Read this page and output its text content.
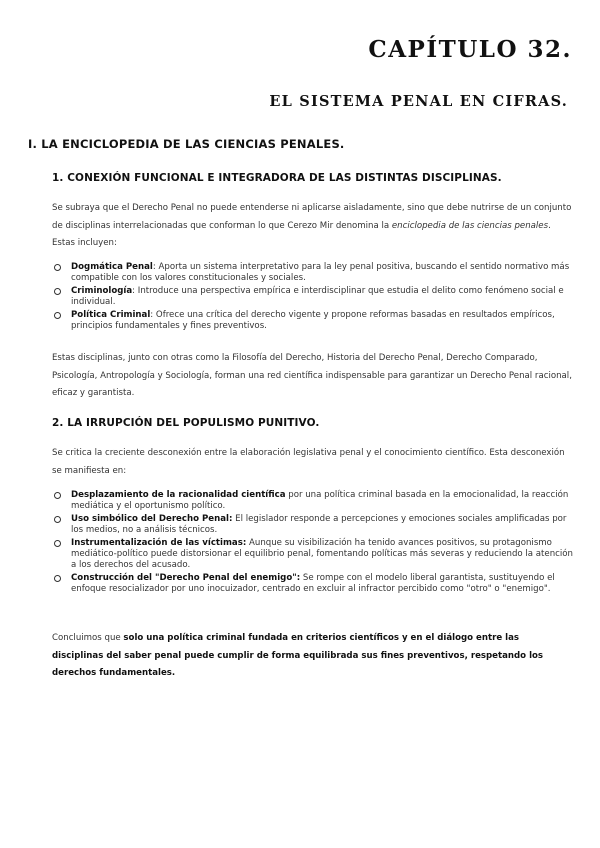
CAPÍTULO 32.
EL SISTEMA PENAL EN CIFRAS.
I. LA ENCICLOPEDIA DE LAS CIENCIAS PENALES.
1. CONEXIÓN FUNCIONAL E INTEGRADORA DE LAS DISTINTAS DISCIPLINAS.

Se subraya que el Derecho Penal no puede entenderse ni aplicarse aisladamente, sino que debe nutrirse de un conjunto de disciplinas interrelacionadas que conforman lo que Cerezo Mir denomina la enciclopedia de las ciencias penales. Estas incluyen:

Dogmática Penal: Aporta un sistema interpretativo para la ley penal positiva, buscando el sentido normativo más compatible con los valores constitucionales y sociales.
Criminología: Introduce una perspectiva empírica e interdisciplinar que estudia el delito como fenómeno social e individual.
Política Criminal: Ofrece una crítica del derecho vigente y propone reformas basadas en resultados empíricos, principios fundamentales y fines preventivos.

Estas disciplinas, junto con otras como la Filosofía del Derecho, Historia del Derecho Penal, Derecho Comparado, Psicología, Antropología y Sociología, forman una red científica indispensable para garantizar un Derecho Penal racional, eficaz y garantista.

2. LA IRRUPCIÓN DEL POPULISMO PUNITIVO.

Se critica la creciente desconexión entre la elaboración legislativa penal y el conocimiento científico. Esta desconexión se manifiesta en:

Desplazamiento de la racionalidad científica por una política criminal basada en la emocionalidad, la reacción mediática y el oportunismo político.
Uso simbólico del Derecho Penal: El legislador responde a percepciones y emociones sociales amplificadas por los medios, no a análisis técnicos.
Instrumentalización de las víctimas: Aunque su visibilización ha tenido avances positivos, su protagonismo mediático-político puede distorsionar el equilibrio penal, fomentando políticas más severas y reduciendo la atención a los derechos del acusado.
Construcción del "Derecho Penal del enemigo": Se rompe con el modelo liberal garantista, sustituyendo el enfoque resocializador por uno inocuizador, centrado en excluir al infractor percibido como "otro" o "enemigo".

Concluimos que solo una política criminal fundada en criterios científicos y en el diálogo entre las disciplinas del saber penal puede cumplir de forma equilibrada sus fines preventivos, respetando los derechos fundamentales.
